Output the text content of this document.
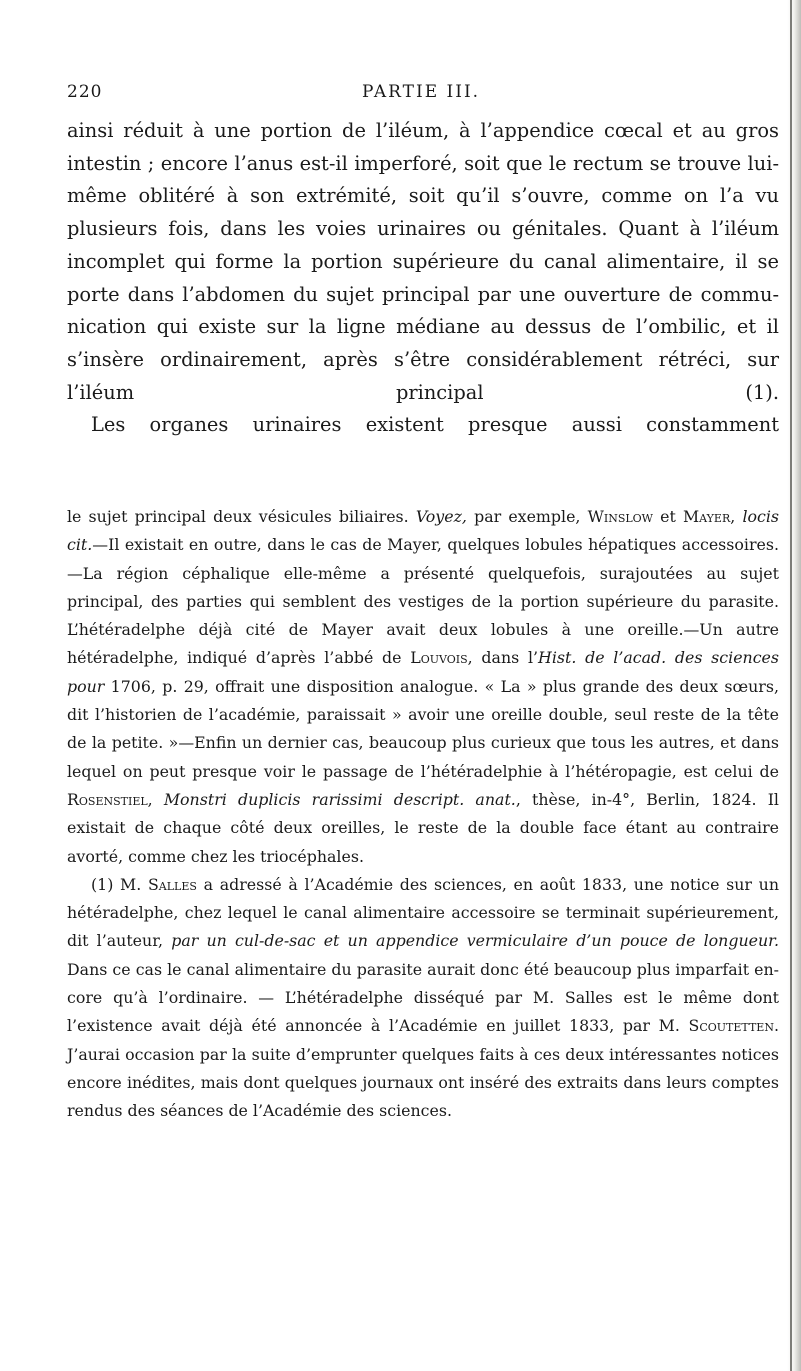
220	PARTIE III.

ainsi réduit à une portion de l’iléum, à l’appendice cœcal et au gros intestin ; encore l’anus est-il imperforé, soit que le rectum se trouve lui-même oblitéré à son extrémité, soit qu’il s’ouvre, comme on l’a vu plusieurs fois, dans les voies urinaires ou génitales. Quant à l’iléum incomplet qui forme la portion supérieure du canal alimentaire, il se porte dans l’abdomen du sujet principal par une ouverture de communication qui existe sur la ligne médiane au dessus de l’ombilic, et il s’insère ordinairement, après s’être considérablement rétréci, sur l’iléum principal (1).

Les organes urinaires existent presque aussi constamment

le sujet principal deux vésicules biliaires. Voyez, par exemple, Winslow et Mayer, locis cit.—Il existait en outre, dans le cas de Mayer, quelques lobules hépatiques accessoires.—La région céphalique elle-même a présenté quelquefois, surajoutées au sujet principal, des parties qui semblent des vestiges de la portion supérieure du parasite. L’hétéradelphe déjà cité de Mayer avait deux lobules à une oreille.—Un autre hétéradelphe, indiqué d’après l’abbé de Louvois, dans l’Hist. de l’acad. des sciences pour 1706, p. 29, offrait une disposition analogue. « La » plus grande des deux sœurs, dit l’historien de l’académie, paraissait » avoir une oreille double, seul reste de la tête de la petite. »—Enfin un dernier cas, beaucoup plus curieux que tous les autres, et dans lequel on peut presque voir le passage de l’hétéradelphie à l’hétéropagie, est celui de Rosenstiel, Monstri duplicis rarissimi descript. anat., thèse, in-4°, Berlin, 1824. Il existait de chaque côté deux oreilles, le reste de la double face étant au contraire avorté, comme chez les triocéphales.

(1) M. Salles a adressé à l’Académie des sciences, en août 1833, une notice sur un hétéradelphe, chez lequel le canal alimentaire accessoire se terminait supérieurement, dit l’auteur, par un cul-de-sac et un appendice vermiculaire d’un pouce de longueur. Dans ce cas le canal alimentaire du parasite aurait donc été beaucoup plus imparfait encore qu’à l’ordinaire. — L’hétéradelphe disséqué par M. Salles est le même dont l’existence avait déjà été annoncée à l’Académie en juillet 1833, par M. Scoutetten. J’aurai occasion par la suite d’emprunter quelques faits à ces deux intéressantes notices encore inédites, mais dont quelques journaux ont inséré des extraits dans leurs comptes rendus des séances de l’Académie des sciences.
